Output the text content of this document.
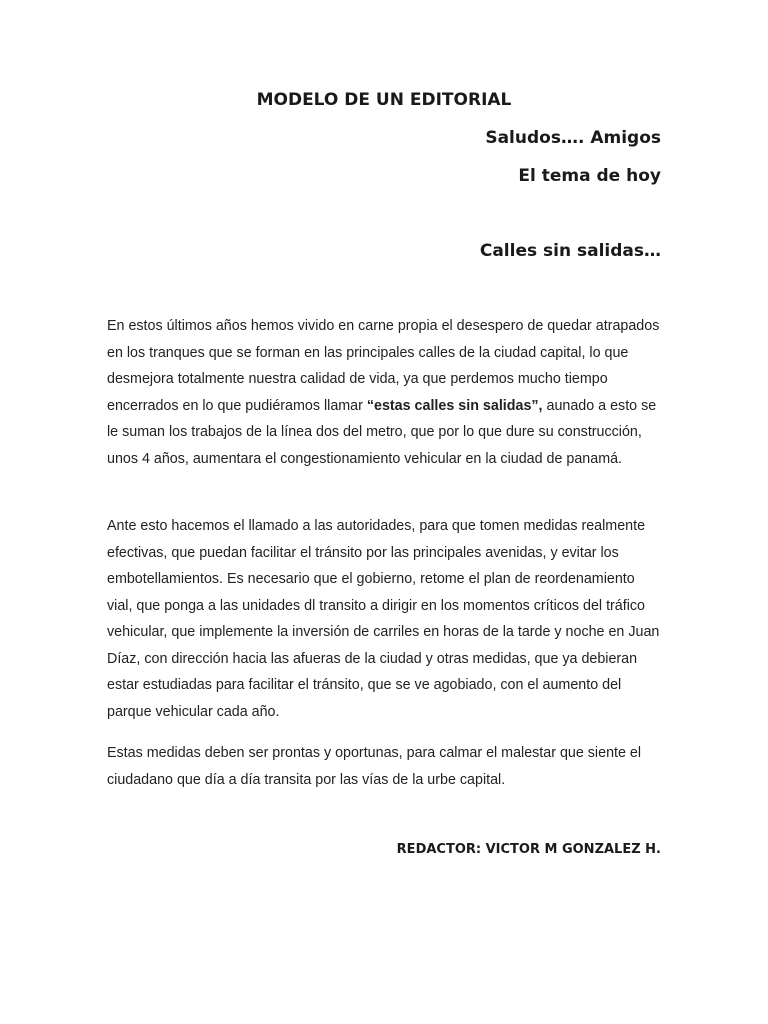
MODELO DE UN EDITORIAL

Saludos…. Amigos

El tema de hoy

Calles sin salidas…

En estos últimos años hemos vivido en carne propia el desespero de quedar atrapados en los tranques que se forman en las principales calles de la ciudad capital, lo que desmejora totalmente nuestra calidad de vida, ya que perdemos mucho tiempo encerrados en lo que pudiéramos llamar “estas calles sin salidas”, aunado a esto se le suman los trabajos de la línea dos del metro, que por lo que dure su construcción, unos 4 años, aumentara el congestionamiento vehicular en la ciudad de panamá.

Ante esto hacemos el llamado a las autoridades, para que tomen medidas realmente efectivas, que puedan facilitar el tránsito por las principales avenidas, y evitar los embotellamientos. Es necesario que el gobierno, retome el plan de reordenamiento vial, que ponga a las unidades dl transito a dirigir en los momentos críticos del tráfico vehicular, que implemente la inversión de carriles en horas de la tarde y noche en Juan Díaz, con dirección hacia las afueras de la ciudad y otras medidas, que ya debieran estar estudiadas para facilitar el tránsito, que se ve agobiado, con el aumento del parque vehicular cada año.

Estas medidas deben ser prontas y oportunas, para calmar el malestar que siente el ciudadano que día a día transita por las vías de la urbe capital.

REDACTOR: VICTOR M GONZALEZ H.
